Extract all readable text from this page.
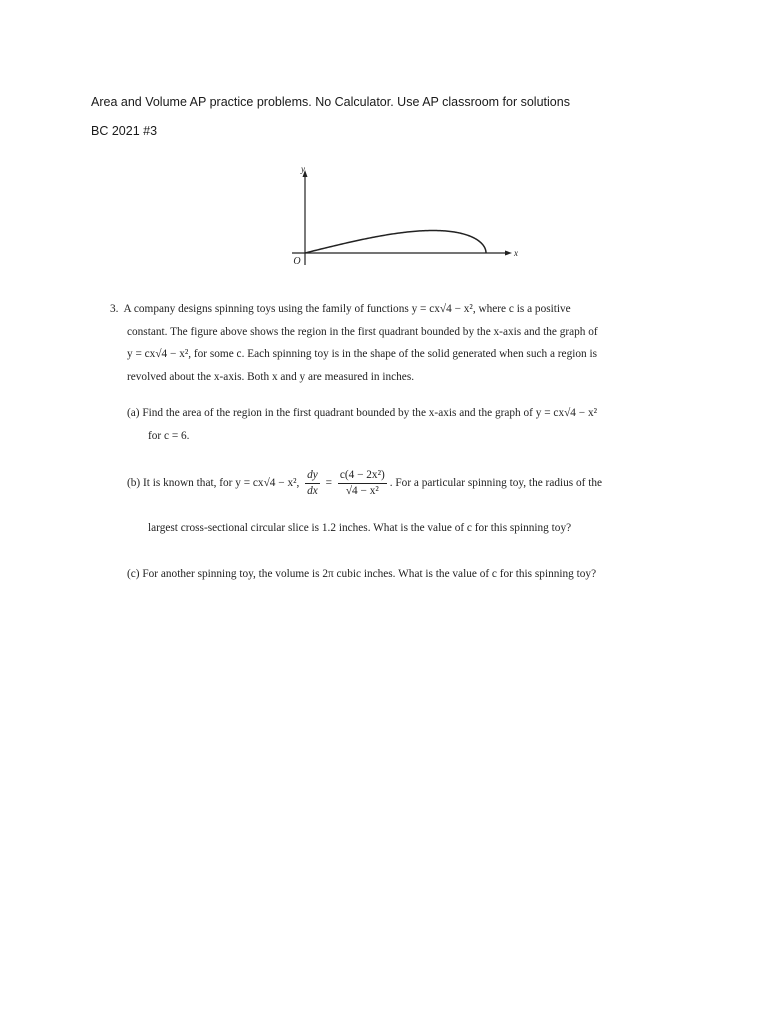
Area and Volume AP practice problems. No Calculator. Use AP classroom for solutions
BC 2021 #3
y
x
O
3. A company designs spinning toys using the family of functions y = cx√4 − x², where c is a positive
constant. The figure above shows the region in the first quadrant bounded by the x-axis and the graph of
y = cx√4 − x², for some c. Each spinning toy is in the shape of the solid generated when such a region is
revolved about the x-axis. Both x and y are measured in inches.
(a) Find the area of the region in the first quadrant bounded by the x-axis and the graph of y = cx√4 − x²
for c = 6.
(b) It is known that, for y = cx√4 − x², $\frac{dy}{dx} = \frac{\text{c(4 − 2x²)}}{\text{√4 − x²}}$ . For a particular spinning toy, the radius of the
largest cross-sectional circular slice is 1.2 inches. What is the value of c for this spinning toy?
(c) For another spinning toy, the volume is 2π cubic inches. What is the value of c for this spinning toy?
